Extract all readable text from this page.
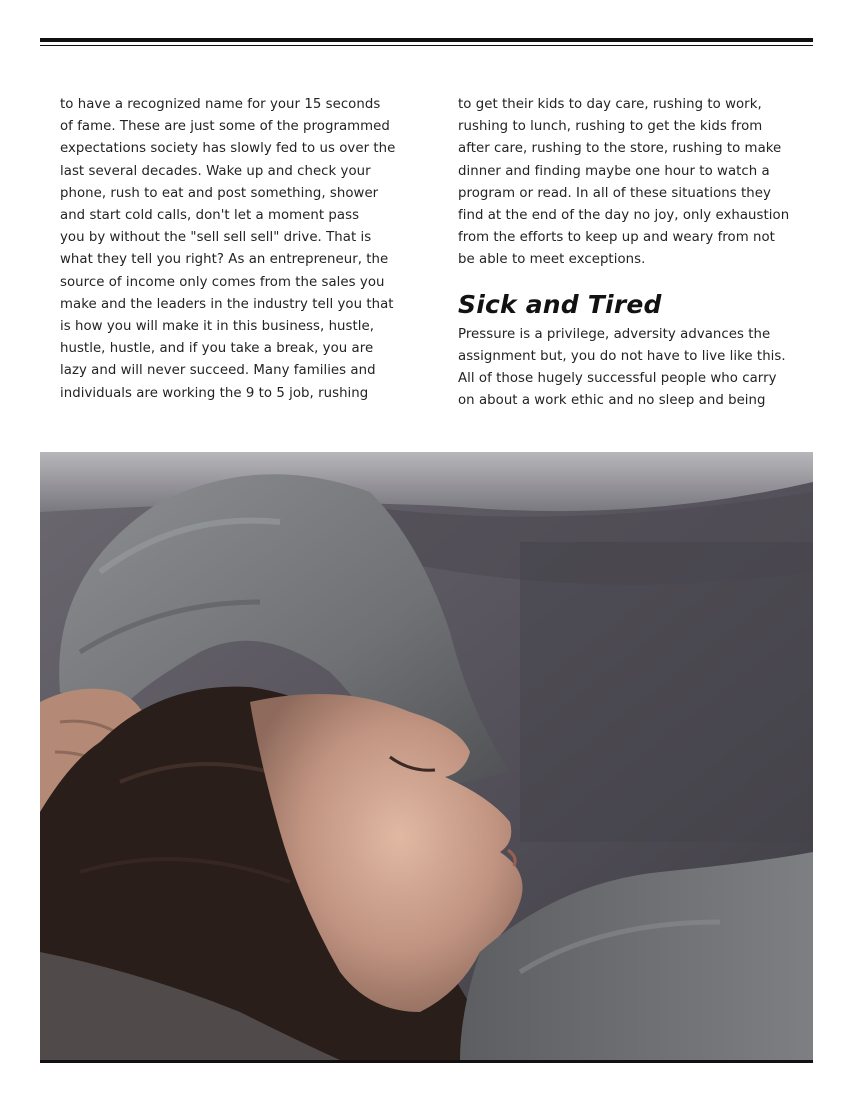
to have a recognized name for your 15 seconds
of fame. These are just some of the programmed
expectations society has slowly fed to us over the
last several decades. Wake up and check your
phone, rush to eat and post something, shower
and start cold calls, don't let a moment pass
you by without the "sell sell sell" drive. That is
what they tell you right? As an entrepreneur, the
source of income only comes from the sales you
make and the leaders in the industry tell you that
is how you will make it in this business, hustle,
hustle, hustle, and if you take a break, you are
lazy and will never succeed. Many families and
individuals are working the 9 to 5 job, rushing
to get their kids to day care, rushing to work,
rushing to lunch, rushing to get the kids from
after care, rushing to the store, rushing to make
dinner and finding maybe one hour to watch a
program or read. In all of these situations they
find at the end of the day no joy, only exhaustion
from the efforts to keep up and weary from not
be able to meet exceptions.
Sick and Tired
Pressure is a privilege, adversity advances the
assignment but, you do not have to live like this.
All of those hugely successful people who carry
on about a work ethic and no sleep and being
